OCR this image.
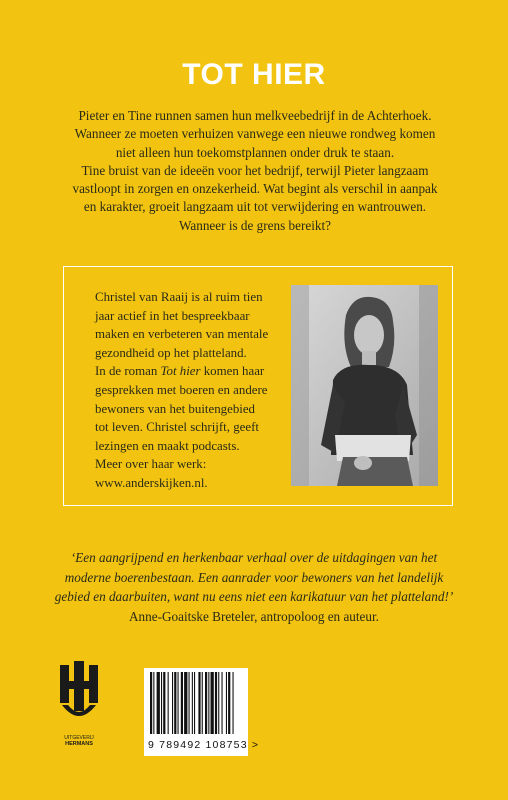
TOT HIER

Pieter en Tine runnen samen hun melkveebedrijf in de Achterhoek.

Wanneer ze moeten verhuizen vanwege een nieuwe rondweg komen

niet alleen hun toekomstplannen onder druk te staan.

Tine bruist van de ideeën voor het bedrijf, terwijl Pieter langzaam

vastloopt in zorgen en onzekerheid. Wat begint als verschil in aanpak

en karakter, groeit langzaam uit tot verwijdering en wantrouwen.

Wanneer is de grens bereikt?

Christel van Raaij is al ruim tien

jaar actief in het bespreekbaar

maken en verbeteren van mentale

gezondheid op het platteland.

In de roman Tot hier komen haar

gesprekken met boeren en andere

bewoners van het buitengebied

tot leven. Christel schrijft, geeft

lezingen en maakt podcasts.

Meer over haar werk:

www.anderskijken.nl.

‘Een aangrijpend en herkenbaar verhaal over de uitdagingen van het

moderne boerenbestaan. Een aanrader voor bewoners van het landelijk

gebied en daarbuiten, want nu eens niet een karikatuur van het platteland!’

Anne-Goaitske Breteler, antropoloog en auteur.

UITGEVERIJ
HERMANS	9 789492 108753 >
